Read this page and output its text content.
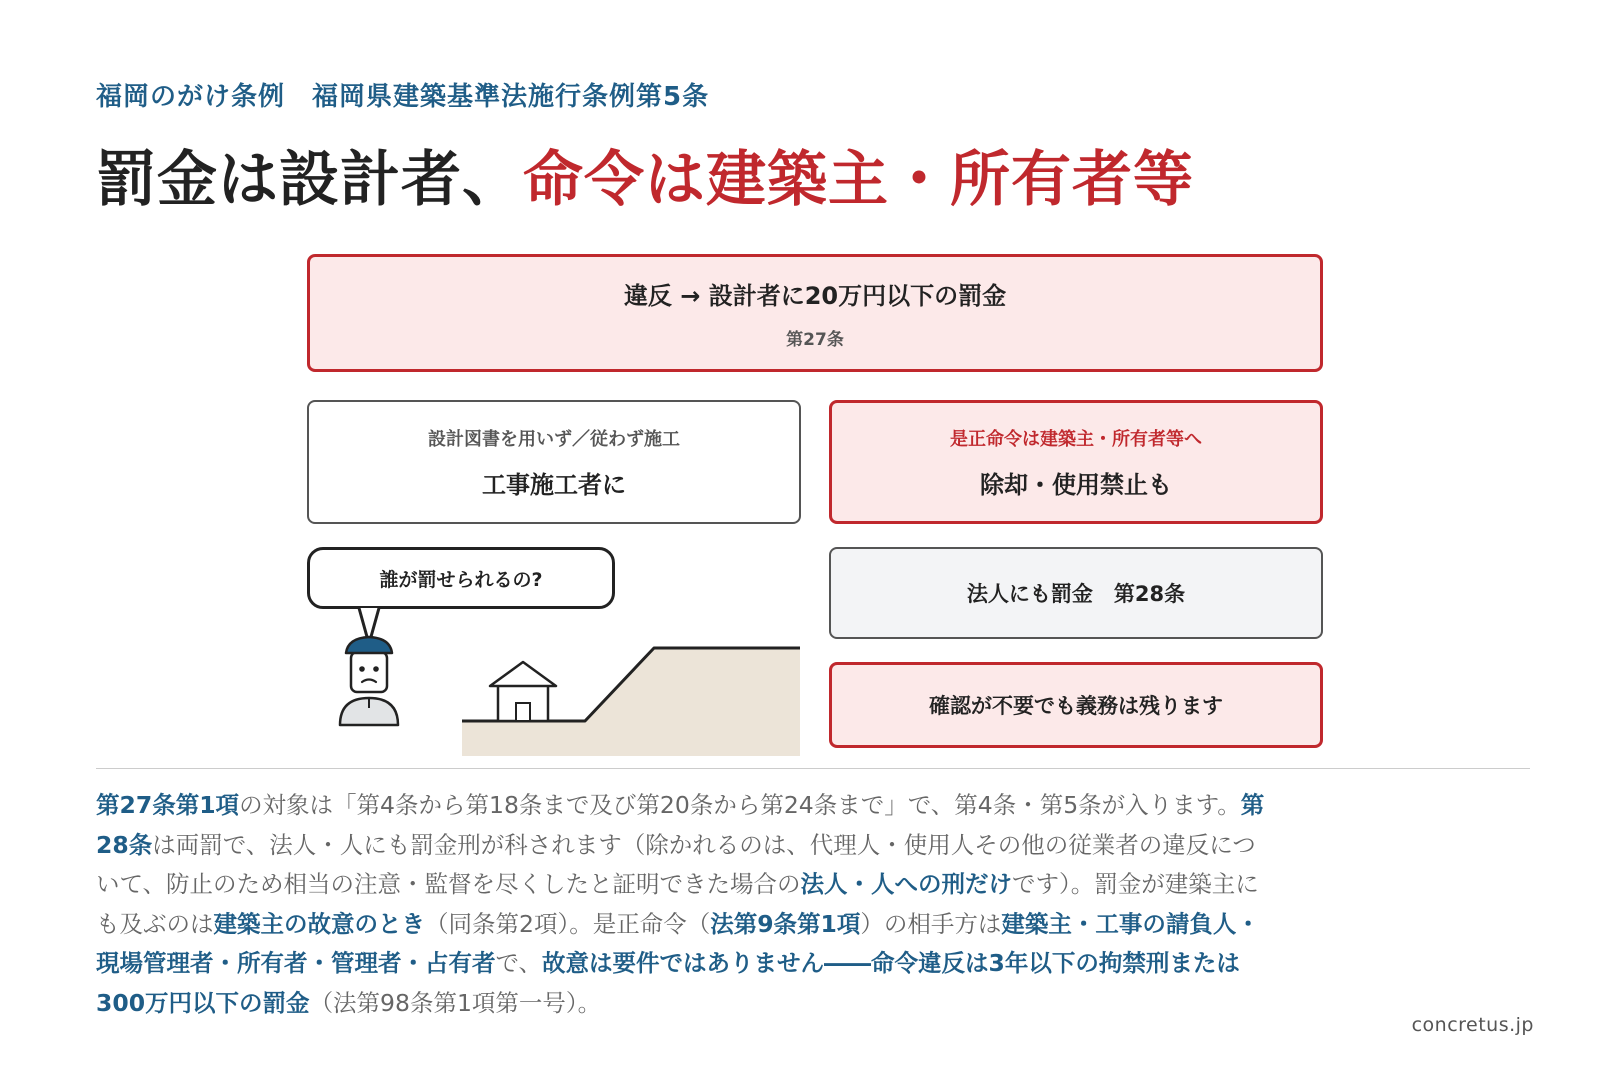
福岡のがけ条例　福岡県建築基準法施行条例第5条
罰金は設計者、命令は建築主・所有者等
違反 → 設計者に20万円以下の罰金
第27条
設計図書を用いず／従わず施工
工事施工者に
是正命令は建築主・所有者等へ
除却・使用禁止も
法人にも罰金　第28条
確認が不要でも義務は残ります
誰が罰せられるの?
第27条第1項の対象は「第4条から第18条まで及び第20条から第24条まで」で、第4条・第5条が入ります。第28条は両罰で、法人・人にも罰金刑が科されます（除かれるのは、代理人・使用人その他の従業者の違反について、防止のため相当の注意・監督を尽くしたと証明できた場合の法人・人への刑だけです）。罰金が建築主にも及ぶのは建築主の故意のとき（同条第2項）。是正命令（法第9条第1項）の相手方は建築主・工事の請負人・現場管理者・所有者・管理者・占有者で、故意は要件ではありません――命令違反は3年以下の拘禁刑または300万円以下の罰金（法第98条第1項第一号）。
concretus.jp
